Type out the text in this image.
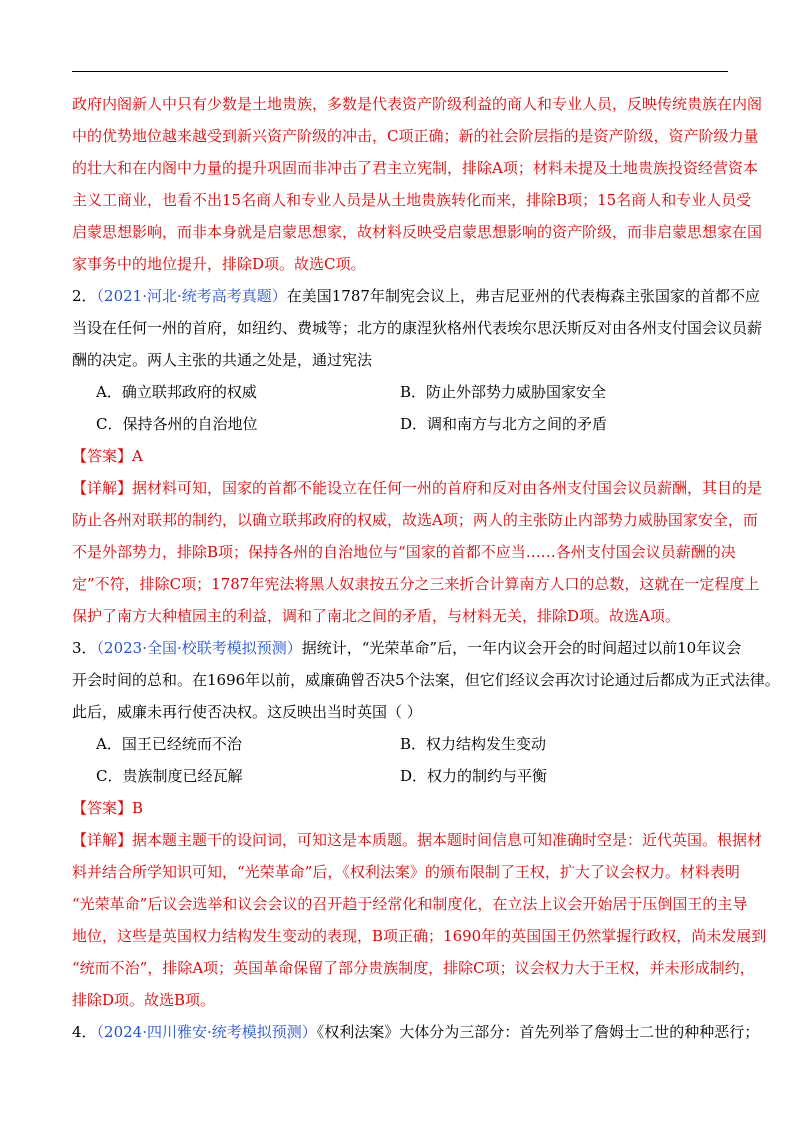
政府内阁新人中只有少数是土地贵族，多数是代表资产阶级利益的商人和专业人员，反映传统贵族在内阁
中的优势地位越来越受到新兴资产阶级的冲击，C项正确；新的社会阶层指的是资产阶级，资产阶级力量
的壮大和在内阁中力量的提升巩固而非冲击了君主立宪制，排除A项；材料未提及土地贵族投资经营资本
主义工商业，也看不出15名商人和专业人员是从土地贵族转化而来，排除B项；15名商人和专业人员受
启蒙思想影响，而非本身就是启蒙思想家，故材料反映受启蒙思想影响的资产阶级，而非启蒙思想家在国
家事务中的地位提升，排除D项。故选C项。
2．（2021·河北·统考高考真题）在美国1787年制宪会议上，弗吉尼亚州的代表梅森主张国家的首都不应
当设在任何一州的首府，如纽约、费城等；北方的康涅狄格州代表埃尔思沃斯反对由各州支付国会议员薪
酬的决定。两人主张的共通之处是，通过宪法
A．确立联邦政府的权威	B．防止外部势力威胁国家安全
C．保持各州的自治地位	D．调和南方与北方之间的矛盾
【答案】A
【详解】据材料可知，国家的首都不能设立在任何一州的首府和反对由各州支付国会议员薪酬，其目的是
防止各州对联邦的制约，以确立联邦政府的权威，故选A项；两人的主张防止内部势力威胁国家安全，而
不是外部势力，排除B项；保持各州的自治地位与“国家的首都不应当……各州支付国会议员薪酬的决
定”不符，排除C项；1787年宪法将黑人奴隶按五分之三来折合计算南方人口的总数，这就在一定程度上
保护了南方大种植园主的利益，调和了南北之间的矛盾，与材料无关，排除D项。故选A项。
3．（2023·全国·校联考模拟预测）据统计，“光荣革命”后，一年内议会开会的时间超过以前10年议会
开会时间的总和。在1696年以前，威廉确曾否决5个法案，但它们经议会再次讨论通过后都成为正式法律。
此后，威廉未再行使否决权。这反映出当时英国（ ）
A．国王已经统而不治	B．权力结构发生变动
C．贵族制度已经瓦解	D．权力的制约与平衡
【答案】B
【详解】据本题主题干的设问词，可知这是本质题。据本题时间信息可知准确时空是：近代英国。根据材
料并结合所学知识可知，“光荣革命”后，《权利法案》的颁布限制了王权，扩大了议会权力。材料表明
“光荣革命”后议会选举和议会会议的召开趋于经常化和制度化，在立法上议会开始居于压倒国王的主导
地位，这些是英国权力结构发生变动的表现，B项正确；1690年的英国国王仍然掌握行政权，尚未发展到
“统而不治”，排除A项；英国革命保留了部分贵族制度，排除C项；议会权力大于王权，并未形成制约，
排除D项。故选B项。
4．（2024·四川雅安·统考模拟预测）《权利法案》大体分为三部分：首先列举了詹姆士二世的种种恶行；
